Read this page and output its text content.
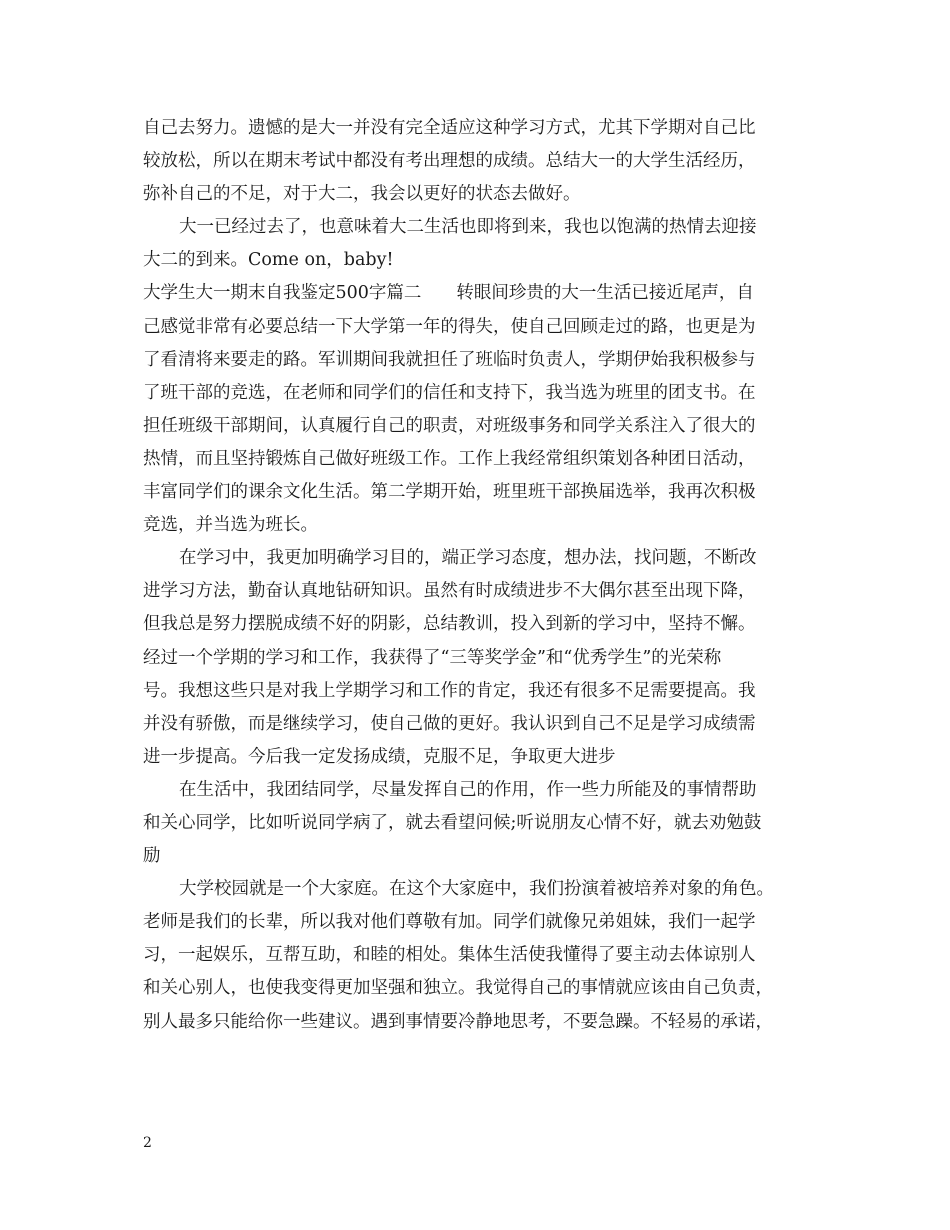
自己去努力。遗憾的是大一并没有完全适应这种学习方式，尤其下学期对自己比
较放松，所以在期末考试中都没有考出理想的成绩。总结大一的大学生活经历，
弥补自己的不足，对于大二，我会以更好的状态去做好。
大一已经过去了，也意味着大二生活也即将到来，我也以饱满的热情去迎接
大二的到来。Come on，baby!
大学生大一期末自我鉴定500字篇二　　转眼间珍贵的大一生活已接近尾声，自
己感觉非常有必要总结一下大学第一年的得失，使自己回顾走过的路，也更是为
了看清将来要走的路。军训期间我就担任了班临时负责人，学期伊始我积极参与
了班干部的竞选，在老师和同学们的信任和支持下，我当选为班里的团支书。在
担任班级干部期间，认真履行自己的职责，对班级事务和同学关系注入了很大的
热情，而且坚持锻炼自己做好班级工作。工作上我经常组织策划各种团日活动，
丰富同学们的课余文化生活。第二学期开始，班里班干部换届选举，我再次积极
竞选，并当选为班长。
在学习中，我更加明确学习目的，端正学习态度，想办法，找问题，不断改
进学习方法，勤奋认真地钻研知识。虽然有时成绩进步不大偶尔甚至出现下降，
但我总是努力摆脱成绩不好的阴影，总结教训，投入到新的学习中，坚持不懈。
经过一个学期的学习和工作，我获得了“三等奖学金”和“优秀学生”的光荣称
号。我想这些只是对我上学期学习和工作的肯定，我还有很多不足需要提高。我
并没有骄傲，而是继续学习，使自己做的更好。我认识到自己不足是学习成绩需
进一步提高。今后我一定发扬成绩，克服不足，争取更大进步
在生活中，我团结同学，尽量发挥自己的作用，作一些力所能及的事情帮助
和关心同学，比如听说同学病了，就去看望问候;听说朋友心情不好，就去劝勉鼓
励
大学校园就是一个大家庭。在这个大家庭中，我们扮演着被培养对象的角色。
老师是我们的长辈，所以我对他们尊敬有加。同学们就像兄弟姐妹，我们一起学
习，一起娱乐，互帮互助，和睦的相处。集体生活使我懂得了要主动去体谅别人
和关心别人，也使我变得更加坚强和独立。我觉得自己的事情就应该由自己负责，
别人最多只能给你一些建议。遇到事情要冷静地思考，不要急躁。不轻易的承诺，
2
